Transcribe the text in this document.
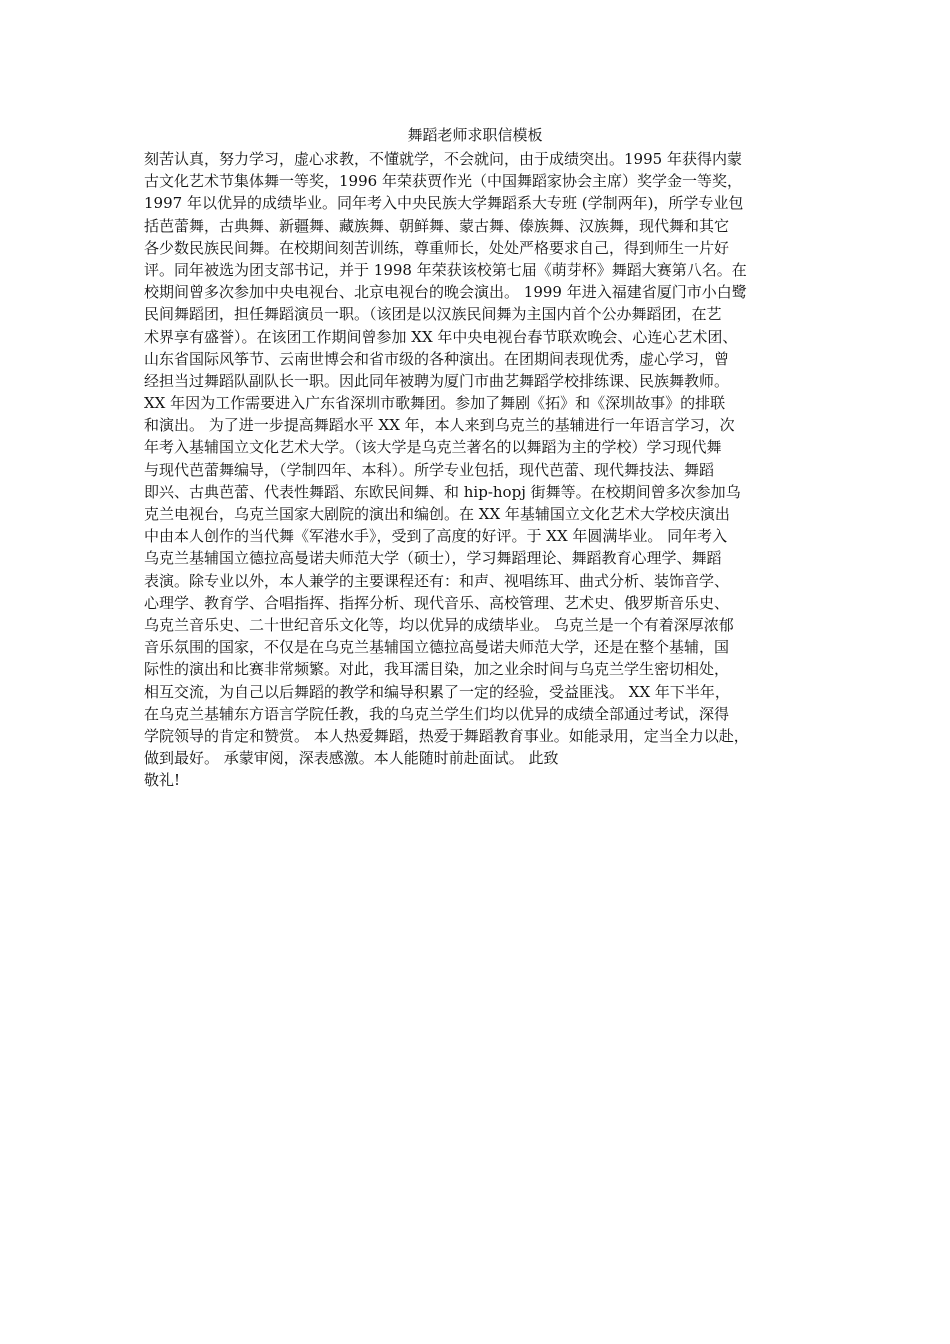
舞蹈老师求职信模板
刻苦认真，努力学习，虚心求教，不懂就学，不会就问，由于成绩突出。1995 年获得内蒙
古文化艺术节集体舞一等奖，1996 年荣获贾作光（中国舞蹈家协会主席）奖学金一等奖，
1997 年以优异的成绩毕业。同年考入中央民族大学舞蹈系大专班 (学制两年)，所学专业包
括芭蕾舞，古典舞、新疆舞、藏族舞、朝鲜舞、蒙古舞、傣族舞、汉族舞，现代舞和其它
各少数民族民间舞。在校期间刻苦训练，尊重师长，处处严格要求自己，得到师生一片好
评。同年被选为团支部书记，并于 1998 年荣获该校第七届《萌芽杯》舞蹈大赛第八名。在
校期间曾多次参加中央电视台、北京电视台的晚会演出。 1999 年进入福建省厦门市小白鹭
民间舞蹈团，担任舞蹈演员一职。（该团是以汉族民间舞为主国内首个公办舞蹈团，在艺
术界享有盛誉）。在该团工作期间曾参加 XX 年中央电视台春节联欢晚会、心连心艺术团、
山东省国际风筝节、云南世博会和省市级的各种演出。在团期间表现优秀，虚心学习，曾
经担当过舞蹈队副队长一职。因此同年被聘为厦门市曲艺舞蹈学校排练课、民族舞教师。
XX 年因为工作需要进入广东省深圳市歌舞团。参加了舞剧《拓》和《深圳故事》的排联
和演出。 为了进一步提高舞蹈水平 XX 年，本人来到乌克兰的基辅进行一年语言学习，次
年考入基辅国立文化艺术大学。（该大学是乌克兰著名的以舞蹈为主的学校）学习现代舞
与现代芭蕾舞编导，（学制四年、本科）。所学专业包括，现代芭蕾、现代舞技法、舞蹈
即兴、古典芭蕾、代表性舞蹈、东欧民间舞、和 hip-hopj 街舞等。在校期间曾多次参加乌
克兰电视台，乌克兰国家大剧院的演出和编创。在 XX 年基辅国立文化艺术大学校庆演出
中由本人创作的当代舞《军港水手》，受到了高度的好评。于 XX 年圆满毕业。 同年考入
乌克兰基辅国立德拉高曼诺夫师范大学（硕士），学习舞蹈理论、舞蹈教育心理学、舞蹈
表演。除专业以外，本人兼学的主要课程还有：和声、视唱练耳、曲式分析、装饰音学、
心理学、教育学、合唱指挥、指挥分析、现代音乐、高校管理、艺术史、俄罗斯音乐史、
乌克兰音乐史、二十世纪音乐文化等，均以优异的成绩毕业。 乌克兰是一个有着深厚浓郁
音乐氛围的国家，不仅是在乌克兰基辅国立德拉高曼诺夫师范大学，还是在整个基辅，国
际性的演出和比赛非常频繁。对此，我耳濡目染，加之业余时间与乌克兰学生密切相处，
相互交流，为自己以后舞蹈的教学和编导积累了一定的经验，受益匪浅。 XX 年下半年，
在乌克兰基辅东方语言学院任教，我的乌克兰学生们均以优异的成绩全部通过考试，深得
学院领导的肯定和赞赏。 本人热爱舞蹈，热爱于舞蹈教育事业。如能录用，定当全力以赴，
做到最好。 承蒙审阅，深表感激。本人能随时前赴面试。 此致
敬礼!
